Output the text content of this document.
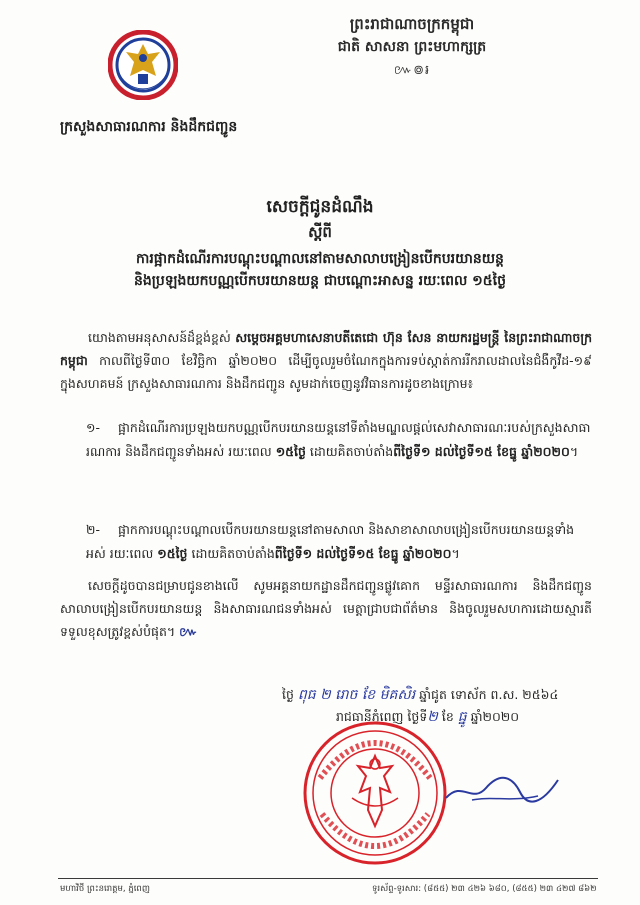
ព្រះរាជាណាចក្រកម្ពុជា
ជាតិ សាសនា ព្រះមហាក្សត្រ
៚៙៛
ក្រសួងសាធារណការ និងដឹកជញ្ជូន
សេចក្តីជូនដំណឹង
ស្តីពី
ការផ្អាកដំណើរការបណ្តុះបណ្តាលនៅតាមសាលាបង្រៀនបើកបរយានយន្ត
និងប្រឡងយកបណ្ណបើកបរយានយន្ត ជាបណ្តោះអាសន្ន រយៈពេល ១៥ថ្ងៃ
យោងតាមអនុសាសន៍ដ៏ខ្ពង់ខ្ពស់ សម្តេចអគ្គមហាសេនាបតីតេជោ ហ៊ុន សែន នាយករដ្ឋមន្ត្រី នៃព្រះរាជាណាចក្រកម្ពុជា កាលពីថ្ងៃទី៣០ ខែវិច្ឆិកា ឆ្នាំ២០២០ ដើម្បីចូលរួមចំណែកក្នុងការទប់ស្កាត់ការរីករាលដាលនៃជំងឺកូវីដ-១៩ ក្នុងសហគមន៍ ក្រសួងសាធារណការ និងដឹកជញ្ជូន សូមដាក់ចេញនូវវិធានការដូចខាងក្រោម៖
១- ផ្អាកដំណើរការប្រឡងយកបណ្ណបើកបរយានយន្តនៅទីតាំងមណ្ឌលផ្តល់សេវាសាធារណៈរបស់ក្រសួងសាធារណការ និងដឹកជញ្ជូនទាំងអស់ រយៈពេល ១៥ថ្ងៃ ដោយគិតចាប់តាំងពីថ្ងៃទី១ ដល់ថ្ងៃទី១៥ ខែធ្នូ ឆ្នាំ២០២០។
២- ផ្អាកការបណ្តុះបណ្តាលបើកបរយានយន្តនៅតាមសាលា និងសាខាសាលាបង្រៀនបើកបរយានយន្តទាំងអស់ រយៈពេល ១៥ថ្ងៃ ដោយគិតចាប់តាំងពីថ្ងៃទី១ ដល់ថ្ងៃទី១៥ ខែធ្នូ ឆ្នាំ២០២០។
សេចក្តីដូចបានជម្រាបជូនខាងលើ សូមអគ្គនាយកដ្ឋានដឹកជញ្ជូនផ្លូវគោក មន្ទីរសាធារណការ និងដឹកជញ្ជូន សាលាបង្រៀនបើកបរយានយន្ត និងសាធារណជនទាំងអស់ មេត្តាជ្រាបជាព័ត៌មាន និងចូលរួមសហការដោយស្មារតីទទួលខុសត្រូវខ្ពស់បំផុត។ ៚
ថ្ងៃ ពុធ ២ រោច ខែ មិគសិរ ឆ្នាំជូត ទោស័ក ព.ស. ២៥៦៤
រាជធានីភ្នំពេញ ថ្ងៃទី២ ខែ ធ្នូ ឆ្នាំ២០២០
មហាវិថី ព្រះនរោត្តម, ភ្នំពេញ	ទូរស័ព្ទ-ទូរសារ: (៨៥៥) ២៣ ៤២៦ ៦៨០, (៨៥៥) ២៣ ៤២៧ ៨៦២
